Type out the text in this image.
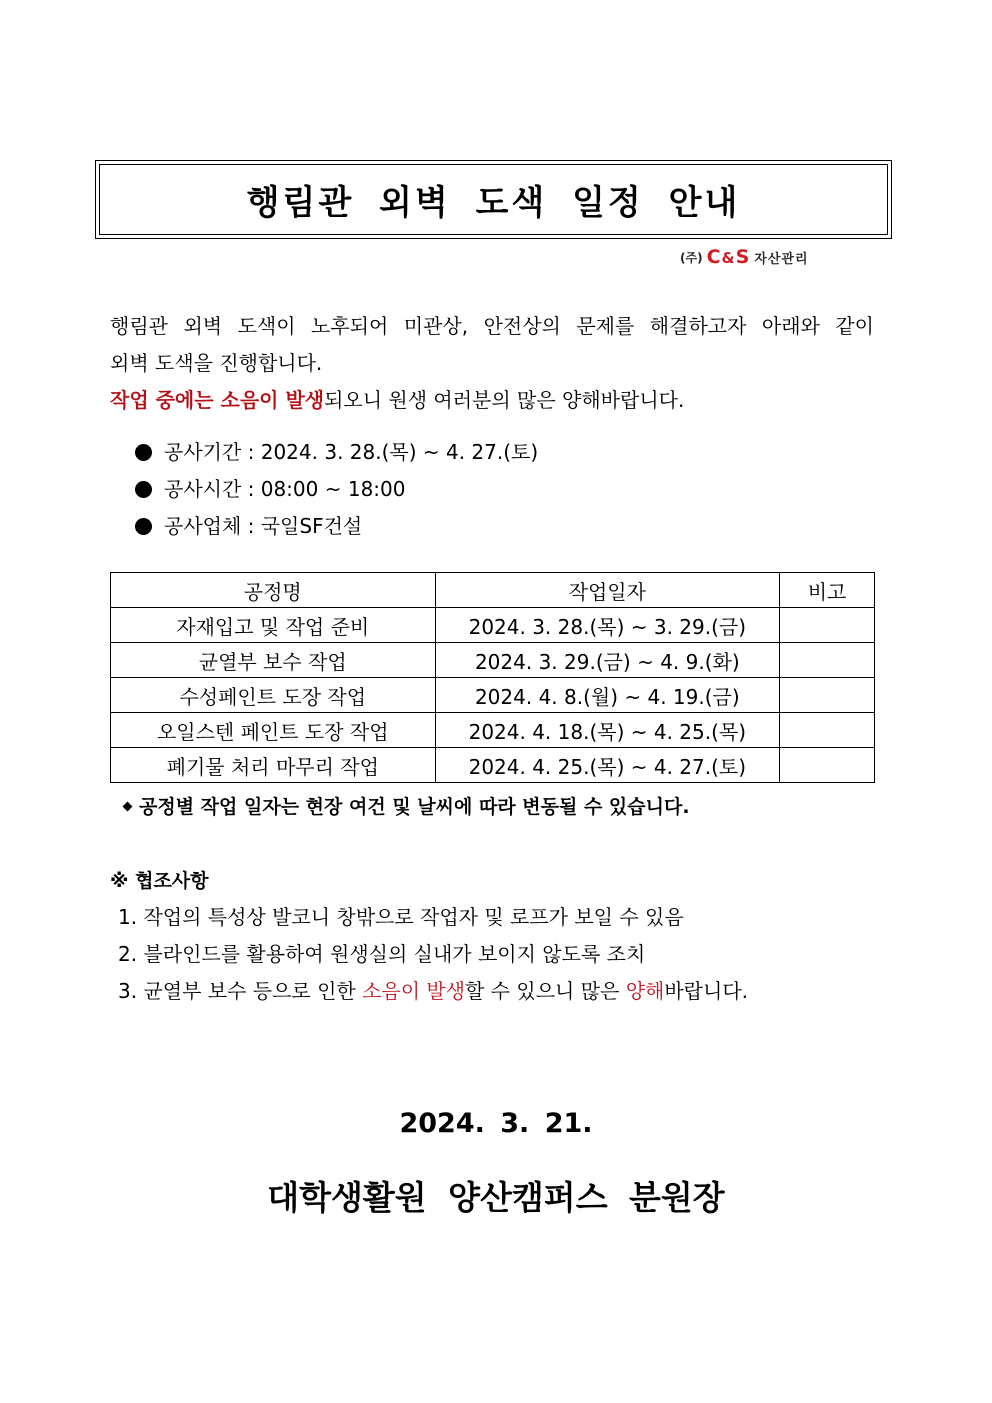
행림관 외벽 도색 일정 안내
(주) C&S 자산관리

행림관 외벽 도색이 노후되어 미관상, 안전상의 문제를 해결하고자 아래와 같이

외벽 도색을 진행합니다.

작업 중에는 소음이 발생되오니 원생 여러분의 많은 양해바랍니다.

공사기간 : 2024. 3. 28.(목) ~ 4. 27.(토)
공사시간 : 08:00 ~ 18:00
공사업체 : 국일SF건설
공정명	작업일자	비고
자재입고 및 작업 준비	2024. 3. 28.(목) ~ 3. 29.(금)	
균열부 보수 작업	2024. 3. 29.(금) ~ 4. 9.(화)	
수성페인트 도장 작업	2024. 4. 8.(월) ~ 4. 19.(금)	
오일스텐 페인트 도장 작업	2024. 4. 18.(목) ~ 4. 25.(목)	
폐기물 처리 마무리 작업	2024. 4. 25.(목) ~ 4. 27.(토)	
공정별 작업 일자는 현장 여건 및 날씨에 따라 변동될 수 있습니다.
※ 협조사항
1. 작업의 특성상 발코니 창밖으로 작업자 및 로프가 보일 수 있음
2. 블라인드를 활용하여 원생실의 실내가 보이지 않도록 조치
3. 균열부 보수 등으로 인한 소음이 발생할 수 있으니 많은 양해바랍니다.
2024. 3. 21.
대학생활원 양산캠퍼스 분원장
